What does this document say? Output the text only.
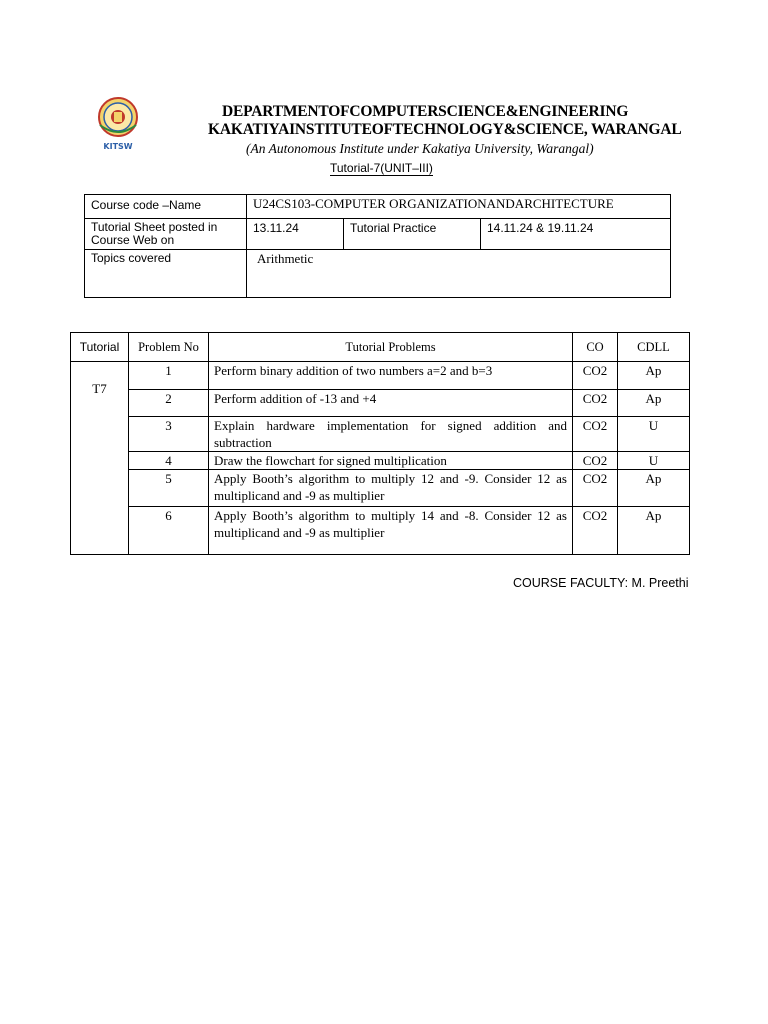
KITSW
DEPARTMENTOFCOMPUTERSCIENCE&ENGINEERING
KAKATIYAINSTITUTEOFTECHNOLOGY&SCIENCE, WARANGAL
(An Autonomous Institute under Kakatiya University, Warangal)
Tutorial-7(UNIT–III)
Course code –Name	U24CS103-COMPUTER ORGANIZATIONANDARCHITECTURE		
Tutorial Sheet posted in Course Web on	13.11.24	Tutorial Practice	14.11.24 & 19.11.24
Topics covered	Arithmetic		
Tutorial	Problem No	Tutorial Problems	CO	CDLL
T7	1	Perform binary addition of two numbers a=2 and b=3	CO2	Ap
	2	Perform addition of -13 and +4	CO2	Ap
	3	Explain hardware implementation for signed addition and subtraction	CO2	U
	4	Draw the flowchart for signed multiplication	CO2	U
	5	Apply Booth’s algorithm to multiply 12 and -9. Consider 12 as multiplicand and -9 as multiplier	CO2	Ap
	6	Apply Booth’s algorithm to multiply 14 and -8. Consider 12 as multiplicand and -9 as multiplier	CO2	Ap
COURSE FACULTY: M. Preethi
